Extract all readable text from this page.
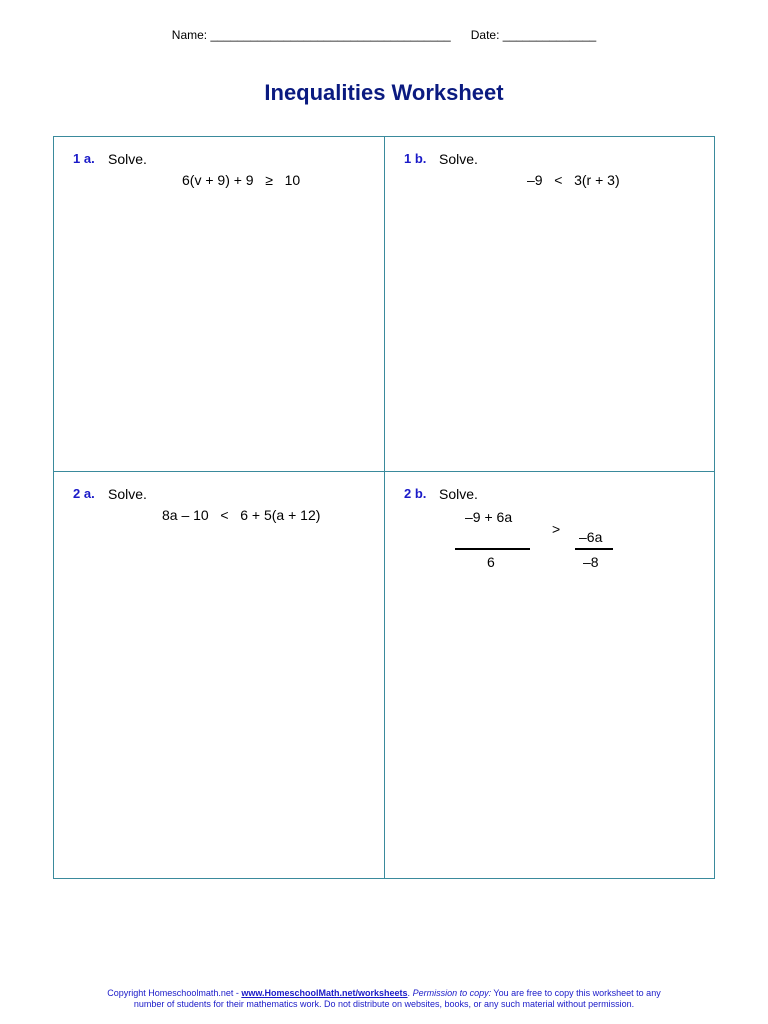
Name: ____________________________________ Date: ______________
Inequalities Worksheet
1 a. Solve.
6(v + 9) + 9   ≥   10
1 b. Solve.
–9   <   3(r + 3)
2 a. Solve.
8a – 10   <   6 + 5(a + 12)
2 b. Solve.
–9 + 6a
6
> –6a
–8
Copyright Homeschoolmath.net - www.HomeschoolMath.net/worksheets. Permission to copy: You are free to copy this worksheet to any
number of students for their mathematics work. Do not distribute on websites, books, or any such material without permission.
